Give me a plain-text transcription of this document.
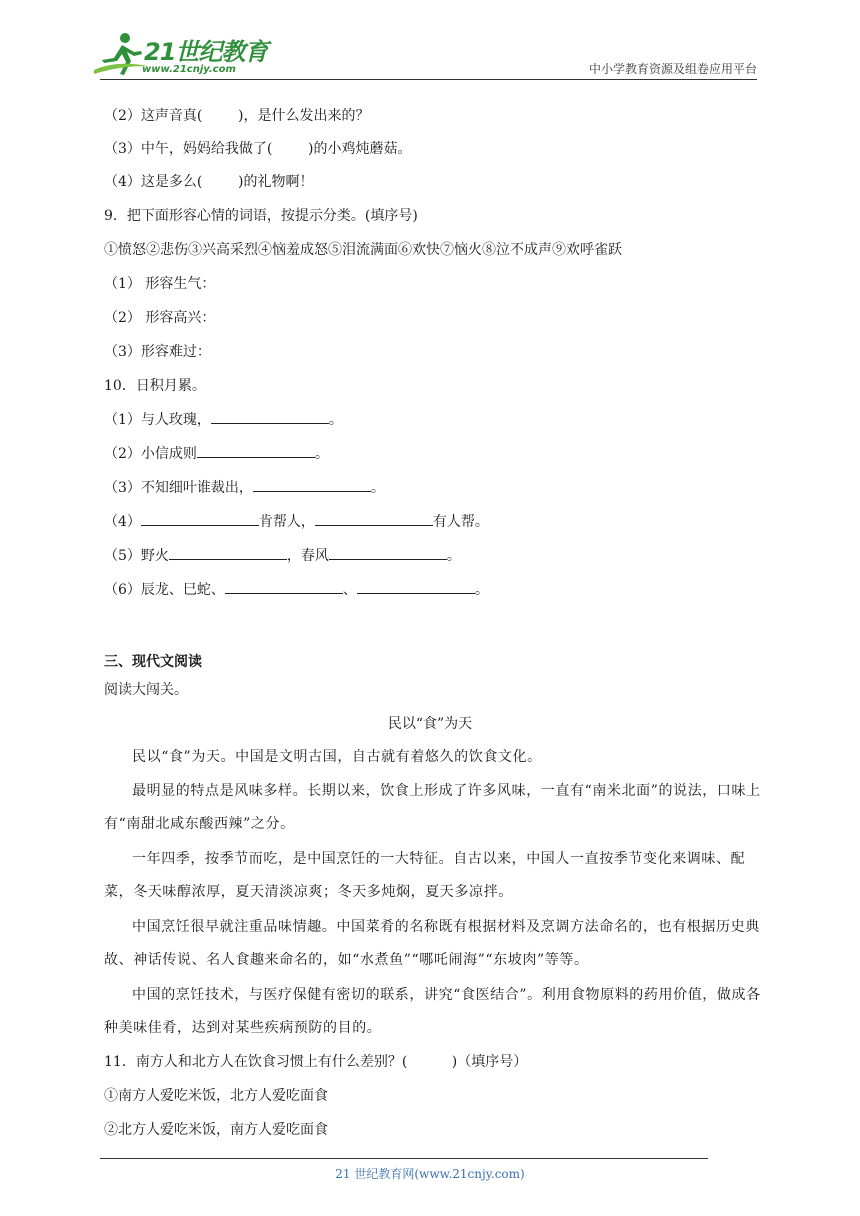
21世纪教育
www.21cnjy.com	中小学教育资源及组卷应用平台
（2）这声音真(	)，是什么发出来的？
（3）中午，妈妈给我做了(	)的小鸡炖蘑菇。
（4）这是多么(	)的礼物啊！
9．把下面形容心情的词语，按提示分类。(填序号)
①愤怒②悲伤③兴高采烈④恼羞成怒⑤泪流满面⑥欢快⑦恼火⑧泣不成声⑨欢呼雀跃
（1） 形容生气：
（2） 形容高兴：
（3）形容难过：
10．日积月累。
（1）与人玫瑰，	。
（2）小信成则	。
（3）不知细叶谁裁出，	。
（4）	肯帮人，	有人帮。
（5）野火	，春风	。
（6）辰龙、巳蛇、	、	。
三、现代文阅读
阅读大闯关。
民以“食”为天
民以“食”为天。中国是文明古国，自古就有着悠久的饮食文化。
最明显的特点是风味多样。长期以来，饮食上形成了许多风味，一直有“南米北面”的说法，口味上有“南甜北咸东酸西辣”之分。
一年四季，按季节而吃，是中国烹饪的一大特征。自古以来，中国人一直按季节变化来调味、配菜，冬天味醇浓厚，夏天清淡凉爽；冬天多炖焖，夏天多凉拌。
中国烹饪很早就注重品味情趣。中国菜肴的名称既有根据材料及烹调方法命名的，也有根据历史典故、神话传说、名人食趣来命名的，如“水煮鱼”“哪吒闹海”“东坡肉”等等。
中国的烹饪技术，与医疗保健有密切的联系，讲究“食医结合”。利用食物原料的药用价值，做成各种美味佳肴，达到对某些疾病预防的目的。
11．南方人和北方人在饮食习惯上有什么差别？(	)（填序号）
①南方人爱吃米饭，北方人爱吃面食
②北方人爱吃米饭，南方人爱吃面食
21 世纪教育网(www.21cnjy.com)
